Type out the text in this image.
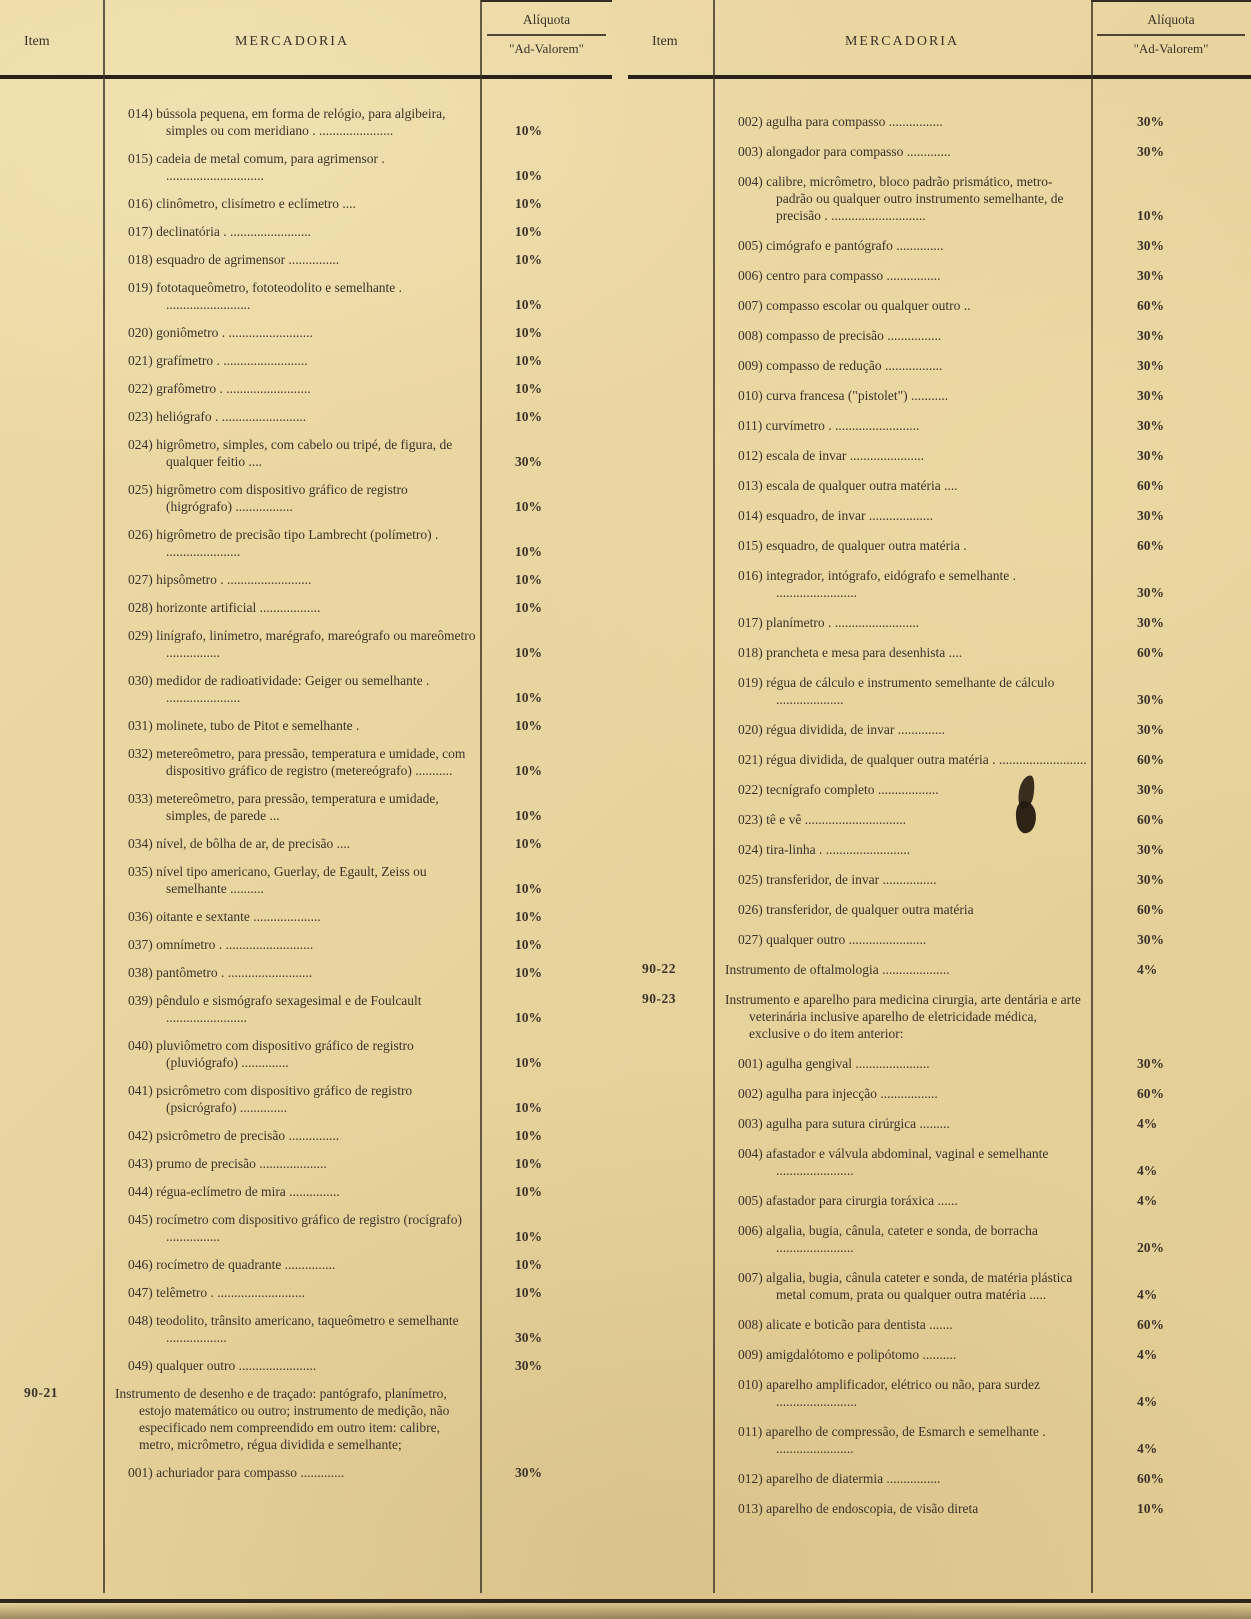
Item	MERCADORIA
Alíquota
"Ad-Valorem"
014) bússola pequena, em forma de relógio, para algibeira, simples ou com meridiano . ......................	10%
015) cadeia de metal comum, para agrimensor . .............................	10%
016) clinômetro, clisímetro e eclímetro ....	10%
017) declinatória . ........................	10%
018) esquadro de agrimensor ...............	10%
019) fototaqueômetro, fototeodolito e semelhante . .........................	10%
020) goniômetro . .........................	10%
021) grafímetro . .........................	10%
022) grafômetro . .........................	10%
023) heliógrafo . .........................	10%
024) higrômetro, simples, com cabelo ou tripé, de figura, de qualquer feitio ....	30%
025) higrômetro com dispositivo gráfico de registro (higrógrafo) .................	10%
026) higrômetro de precisão tipo Lambrecht (polímetro) . ......................	10%
027) hipsômetro . .........................	10%
028) horizonte artificial ..................	10%
029) linígrafo, linímetro, marégrafo, mareógrafo ou mareômetro ................	10%
030) medidor de radioatividade: Geiger ou semelhante . ......................	10%
031) molinete, tubo de Pitot e semelhante .	10%
032) metereômetro, para pressão, temperatura e umidade, com dispositivo gráfico de registro (metereógrafo) ...........	10%
033) metereômetro, para pressão, temperatura e umidade, simples, de parede ...	10%
034) nível, de bôlha de ar, de precisão ....	10%
035) nível tipo americano, Guerlay, de Egault, Zeiss ou semelhante ..........	10%
036) oitante e sextante ....................	10%
037) omnímetro . ..........................	10%
038) pantômetro . .........................	10%
039) pêndulo e sismógrafo sexagesimal e de Foulcault ........................	10%
040) pluviômetro com dispositivo gráfico de registro (pluviógrafo) ..............	10%
041) psicrômetro com dispositivo gráfico de registro (psicrógrafo) ..............	10%
042) psicrômetro de precisão ...............	10%
043) prumo de precisão ....................	10%
044) régua-eclímetro de mira ...............	10%
045) rocímetro com dispositivo gráfico de registro (rocígrafo) ................	10%
046) rocímetro de quadrante ...............	10%
047) telêmetro . ..........................	10%
048) teodolito, trânsito americano, taqueômetro e semelhante ..................	30%
049) qualquer outro .......................	30%
90-21	Instrumento de desenho e de traçado: pantógrafo, planímetro, estojo matemático ou outro; instrumento de medição, não especificado nem compreendido em outro item: calibre, metro, micrômetro, régua dividida e semelhante;
001) achuriador para compasso .............	30%
Item	MERCADORIA
Alíquota
"Ad-Valorem"
002) agulha para compasso ................	30%
003) alongador para compasso .............	30%
004) calibre, micrômetro, bloco padrão prismático, metro-padrão ou qualquer outro instrumento semelhante, de precisão . ............................	10%
005) cimógrafo e pantógrafo ..............	30%
006) centro para compasso ................	30%
007) compasso escolar ou qualquer outro ..	60%
008) compasso de precisão ................	30%
009) compasso de redução .................	30%
010) curva francesa ("pistolet") ...........	30%
011) curvímetro . .........................	30%
012) escala de invar ......................	30%
013) escala de qualquer outra matéria ....	60%
014) esquadro, de invar ...................	30%
015) esquadro, de qualquer outra matéria .	60%
016) integrador, intógrafo, eidógrafo e semelhante . ........................	30%
017) planímetro . .........................	30%
018) prancheta e mesa para desenhista ....	60%
019) régua de cálculo e instrumento semelhante de cálculo ....................	30%
020) régua dividida, de invar ..............	30%
021) régua dividida, de qualquer outra matéria . ..........................	60%
022) tecnígrafo completo ..................	30%
023) tê e vê ..............................	60%
024) tira-linha . .........................	30%
025) transferidor, de invar ................	30%
026) transferidor, de qualquer outra matéria	60%
027) qualquer outro .......................	30%
90-22	Instrumento de oftalmologia ....................	4%
90-23	Instrumento e aparelho para medicina cirurgia, arte dentária e arte veterinária inclusive aparelho de eletricidade médica, exclusive o do item anterior:
001) agulha gengival ......................	30%
002) agulha para injecção .................	60%
003) agulha para sutura cirúrgica .........	4%
004) afastador e válvula abdominal, vaginal e semelhante .......................	4%
005) afastador para cirurgia toráxica ......	4%
006) algalia, bugia, cânula, cateter e sonda, de borracha .......................	20%
007) algalia, bugia, cânula cateter e sonda, de matéria plástica metal comum, prata ou qualquer outra matéria .....	4%
008) alicate e boticão para dentista .......	60%
009) amigdalótomo e polipótomo ..........	4%
010) aparelho amplificador, elétrico ou não, para surdez ........................	4%
011) aparelho de compressão, de Esmarch e semelhante . .......................	4%
012) aparelho de diatermia ................	60%
013) aparelho de endoscopia, de visão direta	10%
